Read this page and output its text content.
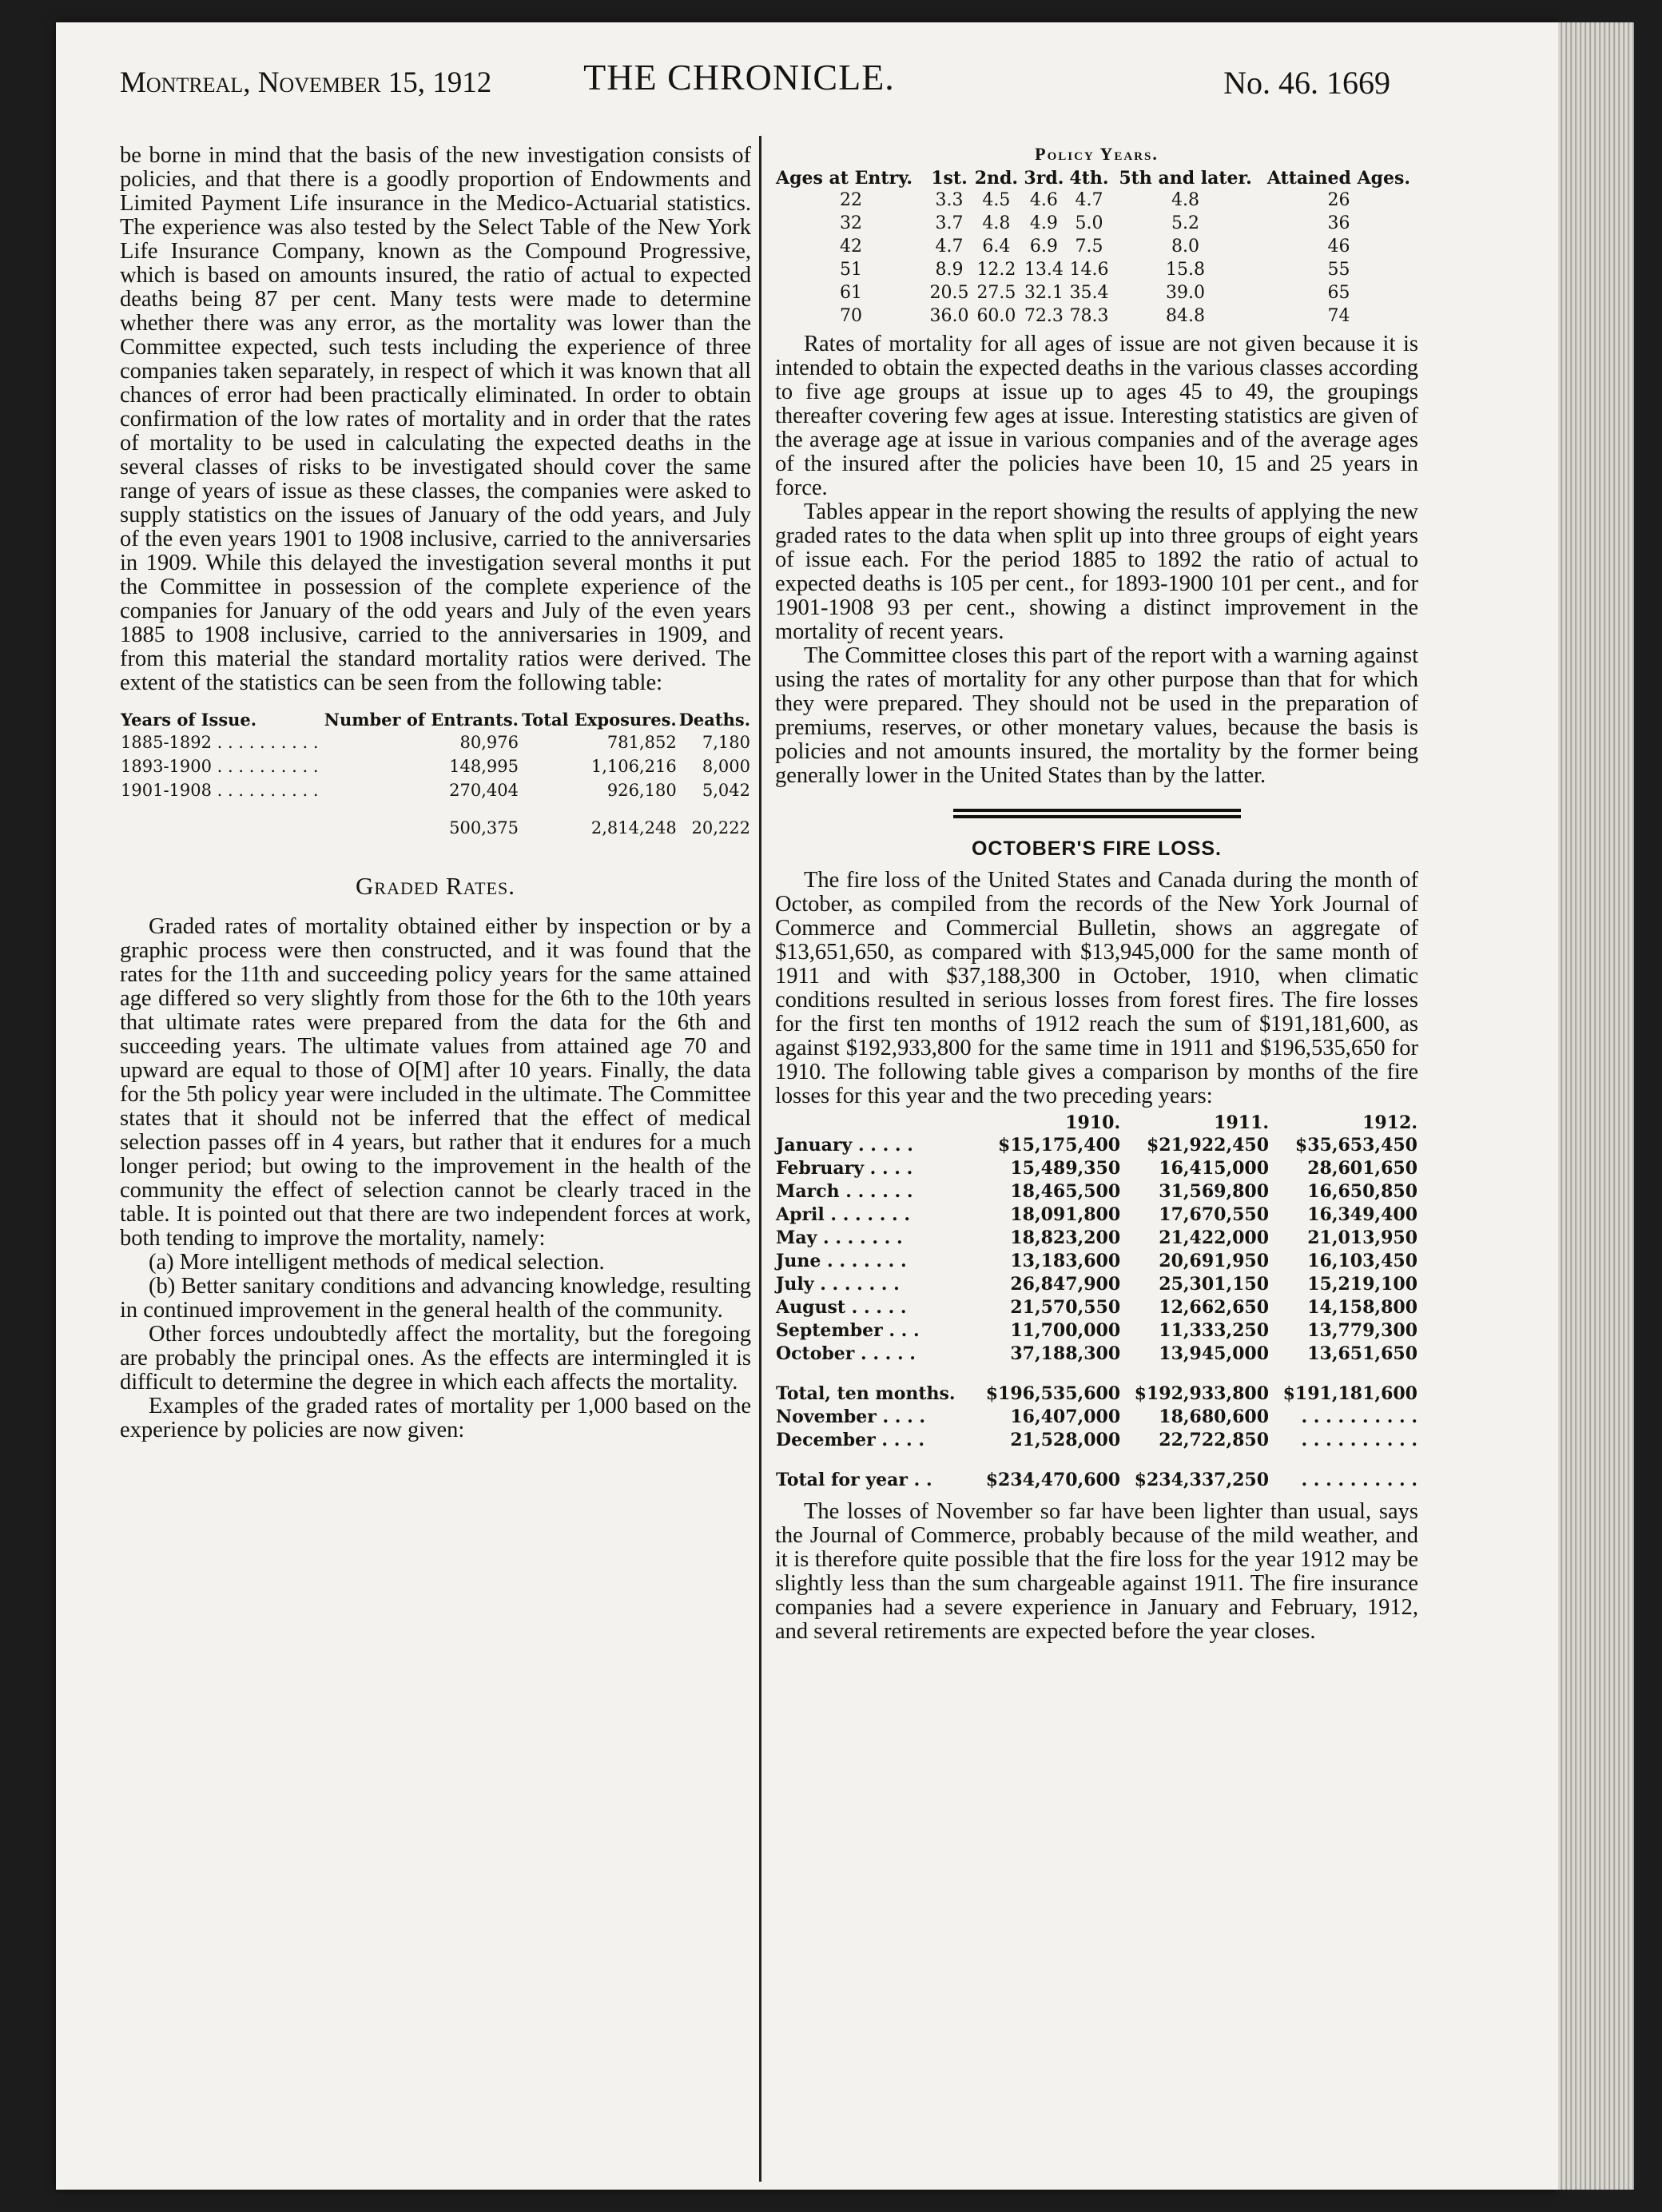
Montreal, November 15, 1912	THE CHRONICLE.	No. 46. 1669

be borne in mind that the basis of the new investigation consists of policies, and that there is a goodly proportion of Endowments and Limited Payment Life insurance in the Medico-Actuarial statistics. The experience was also tested by the Select Table of the New York Life Insurance Company, known as the Compound Progressive, which is based on amounts insured, the ratio of actual to expected deaths being 87 per cent. Many tests were made to determine whether there was any error, as the mortality was lower than the Committee expected, such tests including the experience of three companies taken separately, in respect of which it was known that all chances of error had been practically eliminated. In order to obtain confirmation of the low rates of mortality and in order that the rates of mortality to be used in calculating the expected deaths in the several classes of risks to be investigated should cover the same range of years of issue as these classes, the companies were asked to supply statistics on the issues of January of the odd years, and July of the even years 1901 to 1908 inclusive, carried to the anniversaries in 1909. While this delayed the investigation several months it put the Committee in possession of the complete experience of the companies for January of the odd years and July of the even years 1885 to 1908 inclusive, carried to the anniversaries in 1909, and from this material the standard mortality ratios were derived. The extent of the statistics can be seen from the following table:

Years of Issue.	Number of Entrants.	Total Exposures.	Deaths.
1885-1892 . . . . . . . . . .	80,976	781,852	7,180
1893-1900 . . . . . . . . . .	148,995	1,106,216	8,000
1901-1908 . . . . . . . . . .	270,404	926,180	5,042
	500,375	2,814,248	20,222
Graded Rates.

Graded rates of mortality obtained either by inspection or by a graphic process were then constructed, and it was found that the rates for the 11th and succeeding policy years for the same attained age differed so very slightly from those for the 6th to the 10th years that ultimate rates were prepared from the data for the 6th and succeeding years. The ultimate values from attained age 70 and upward are equal to those of O[M] after 10 years. Finally, the data for the 5th policy year were included in the ultimate. The Committee states that it should not be inferred that the effect of medical selection passes off in 4 years, but rather that it endures for a much longer period; but owing to the improvement in the health of the community the effect of selection cannot be clearly traced in the table. It is pointed out that there are two independent forces at work, both tending to improve the mortality, namely:

(a) More intelligent methods of medical selection.

(b) Better sanitary conditions and advancing knowledge, resulting in continued improvement in the general health of the community.

Other forces undoubtedly affect the mortality, but the foregoing are probably the principal ones. As the effects are intermingled it is difficult to determine the degree in which each affects the mortality.

Examples of the graded rates of mortality per 1,000 based on the experience by policies are now given:

Policy Years.
Ages at Entry.	1st.	2nd.	3rd.	4th.	5th and later.	Attained Ages.
22	3.3	4.5	4.6	4.7	4.8	26
32	3.7	4.8	4.9	5.0	5.2	36
42	4.7	6.4	6.9	7.5	8.0	46
51	8.9	12.2	13.4	14.6	15.8	55
61	20.5	27.5	32.1	35.4	39.0	65
70	36.0	60.0	72.3	78.3	84.8	74

Rates of mortality for all ages of issue are not given because it is intended to obtain the expected deaths in the various classes according to five age groups at issue up to ages 45 to 49, the groupings thereafter covering few ages at issue. Interesting statistics are given of the average age at issue in various companies and of the average ages of the insured after the policies have been 10, 15 and 25 years in force.

Tables appear in the report showing the results of applying the new graded rates to the data when split up into three groups of eight years of issue each. For the period 1885 to 1892 the ratio of actual to expected deaths is 105 per cent., for 1893-1900 101 per cent., and for 1901-1908 93 per cent., showing a distinct improvement in the mortality of recent years.

The Committee closes this part of the report with a warning against using the rates of mortality for any other purpose than that for which they were prepared. They should not be used in the preparation of premiums, reserves, or other monetary values, because the basis is policies and not amounts insured, the mortality by the former being generally lower in the United States than by the latter.

OCTOBER'S FIRE LOSS.

The fire loss of the United States and Canada during the month of October, as compiled from the records of the New York Journal of Commerce and Commercial Bulletin, shows an aggregate of $13,651,650, as compared with $13,945,000 for the same month of 1911 and with $37,188,300 in October, 1910, when climatic conditions resulted in serious losses from forest fires. The fire losses for the first ten months of 1912 reach the sum of $191,181,600, as against $192,933,800 for the same time in 1911 and $196,535,650 for 1910. The following table gives a comparison by months of the fire losses for this year and the two preceding years:

	1910.	1911.	1912.
January . . . . .	$15,175,400	$21,922,450	$35,653,450
February . . . .	15,489,350	16,415,000	28,601,650
March . . . . . .	18,465,500	31,569,800	16,650,850
April . . . . . . .	18,091,800	17,670,550	16,349,400
May . . . . . . .	18,823,200	21,422,000	21,013,950
June . . . . . . .	13,183,600	20,691,950	16,103,450
July . . . . . . .	26,847,900	25,301,150	15,219,100
August . . . . .	21,570,550	12,662,650	14,158,800
September . . .	11,700,000	11,333,250	13,779,300
October . . . . .	37,188,300	13,945,000	13,651,650
Total, ten months.	$196,535,600	$192,933,800	$191,181,600
November . . . .	16,407,000	18,680,600	. . . . . . . . . .
December . . . .	21,528,000	22,722,850	. . . . . . . . . .
Total for year . .	$234,470,600	$234,337,250	. . . . . . . . . .

The losses of November so far have been lighter than usual, says the Journal of Commerce, probably because of the mild weather, and it is therefore quite possible that the fire loss for the year 1912 may be slightly less than the sum chargeable against 1911. The fire insurance companies had a severe experience in January and February, 1912, and several retirements are expected before the year closes.
